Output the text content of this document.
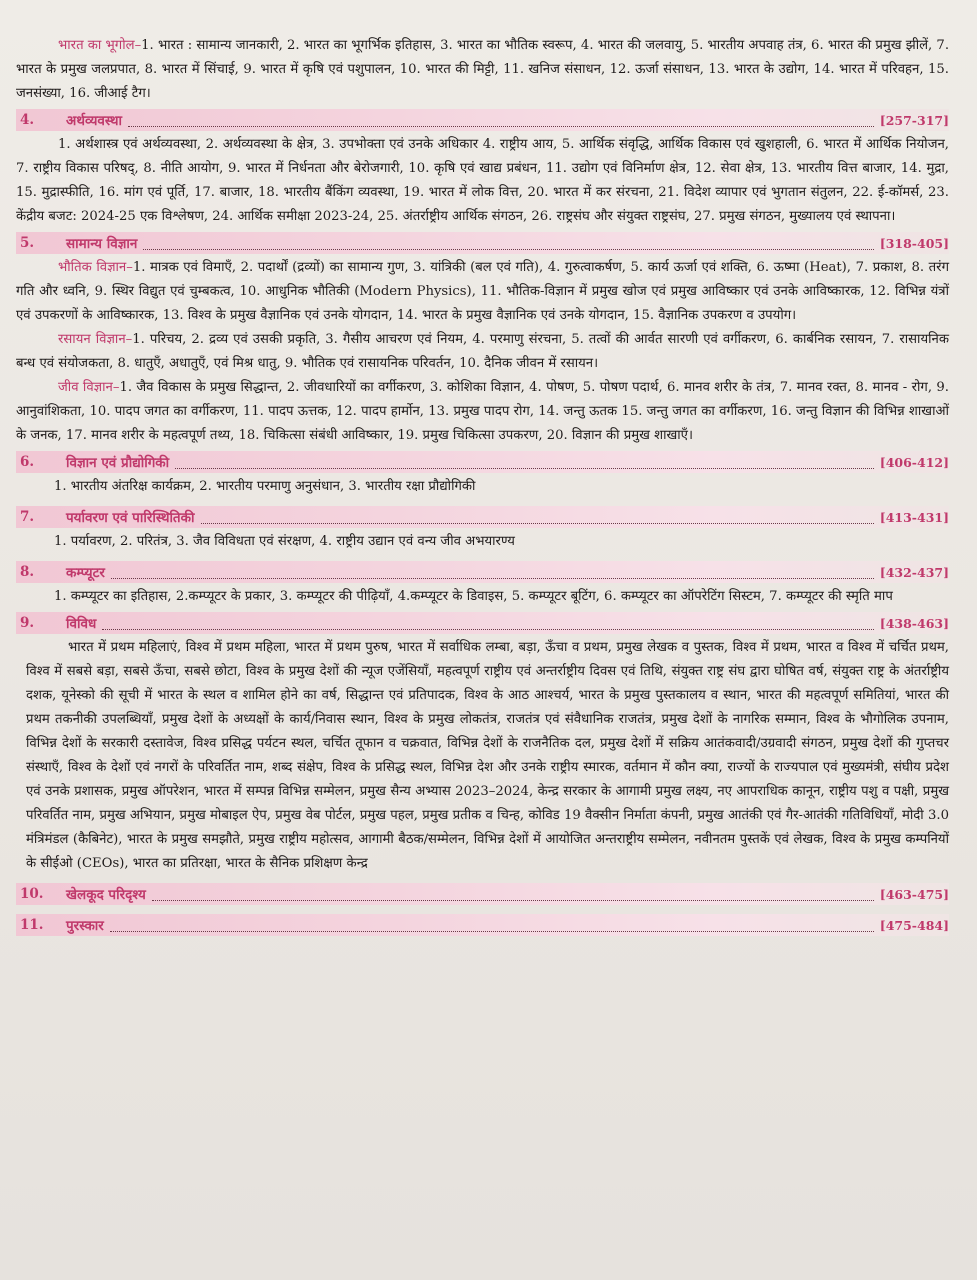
भारत का भूगोल–1. भारत : सामान्य जानकारी, 2. भारत का भूगर्भिक इतिहास, 3. भारत का भौतिक स्वरूप, 4. भारत की जलवायु, 5. भारतीय अपवाह तंत्र, 6. भारत की प्रमुख झीलें, 7. भारत के प्रमुख जलप्रपात, 8. भारत में सिंचाई, 9. भारत में कृषि एवं पशुपालन, 10. भारत की मिट्टी, 11. खनिज संसाधन, 12. ऊर्जा संसाधन, 13. भारत के उद्योग, 14. भारत में परिवहन, 15. जनसंख्या, 16. जीआई टैग।

4.	अर्थव्यवस्था	[257-317]

1. अर्थशास्त्र एवं अर्थव्यवस्था, 2. अर्थव्यवस्था के क्षेत्र, 3. उपभोक्ता एवं उनके अधिकार 4. राष्ट्रीय आय, 5. आर्थिक संवृद्धि, आर्थिक विकास एवं खुशहाली, 6. भारत में आर्थिक नियोजन, 7. राष्ट्रीय विकास परिषद्, 8. नीति आयोग, 9. भारत में निर्धनता और बेरोजगारी, 10. कृषि एवं खाद्य प्रबंधन, 11. उद्योग एवं विनिर्माण क्षेत्र, 12. सेवा क्षेत्र, 13. भारतीय वित्त बाजार, 14. मुद्रा, 15. मुद्रास्फीति, 16. मांग एवं पूर्ति, 17. बाजार, 18. भारतीय बैंकिंग व्यवस्था, 19. भारत में लोक वित्त, 20. भारत में कर संरचना, 21. विदेश व्यापार एवं भुगतान संतुलन, 22. ई-कॉमर्स, 23. केंद्रीय बजट: 2024-25 एक विश्लेषण, 24. आर्थिक समीक्षा 2023-24, 25. अंतर्राष्ट्रीय आर्थिक संगठन, 26. राष्ट्रसंघ और संयुक्त राष्ट्रसंघ, 27. प्रमुख संगठन, मुख्यालय एवं स्थापना।

5.	सामान्य विज्ञान	[318-405]

भौतिक विज्ञान–1. मात्रक एवं विमाएँ, 2. पदार्थों (द्रव्यों) का सामान्य गुण, 3. यांत्रिकी (बल एवं गति), 4. गुरुत्वाकर्षण, 5. कार्य ऊर्जा एवं शक्ति, 6. ऊष्मा (Heat), 7. प्रकाश, 8. तरंग गति और ध्वनि, 9. स्थिर विद्युत एवं चुम्बकत्व, 10. आधुनिक भौतिकी (Modern Physics), 11. भौतिक-विज्ञान में प्रमुख खोज एवं प्रमुख आविष्कार एवं उनके आविष्कारक, 12. विभिन्न यंत्रों एवं उपकरणों के आविष्कारक, 13. विश्व के प्रमुख वैज्ञानिक एवं उनके योगदान, 14. भारत के प्रमुख वैज्ञानिक एवं उनके योगदान, 15. वैज्ञानिक उपकरण व उपयोग।

रसायन विज्ञान–1. परिचय, 2. द्रव्य एवं उसकी प्रकृति, 3. गैसीय आचरण एवं नियम, 4. परमाणु संरचना, 5. तत्वों की आर्वत सारणी एवं वर्गीकरण, 6. कार्बनिक रसायन, 7. रासायनिक बन्ध एवं संयोजकता, 8. धातुएँ, अधातुएँ, एवं मिश्र धातु, 9. भौतिक एवं रासायनिक परिवर्तन, 10. दैनिक जीवन में रसायन।

जीव विज्ञान–1. जैव विकास के प्रमुख सिद्धान्त, 2. जीवधारियों का वर्गीकरण, 3. कोशिका विज्ञान, 4. पोषण, 5. पोषण पदार्थ, 6. मानव शरीर के तंत्र, 7. मानव रक्त, 8. मानव - रोग, 9. आनुवांशिकता, 10. पादप जगत का वर्गीकरण, 11. पादप ऊत्तक, 12. पादप हार्मोन, 13. प्रमुख पादप रोग, 14. जन्तु ऊतक 15. जन्तु जगत का वर्गीकरण, 16. जन्तु विज्ञान की विभिन्न शाखाओं के जनक, 17. मानव शरीर के महत्वपूर्ण तथ्य, 18. चिकित्सा संबंधी आविष्कार, 19. प्रमुख चिकित्सा उपकरण, 20. विज्ञान की प्रमुख शाखाएँ।

6.	विज्ञान एवं प्रौद्योगिकी	[406-412]

1. भारतीय अंतरिक्ष कार्यक्रम, 2. भारतीय परमाणु अनुसंधान, 3. भारतीय रक्षा प्रौद्योगिकी

7.	पर्यावरण एवं पारिस्थितिकी	[413-431]

1. पर्यावरण, 2. परितंत्र, 3. जैव विविधता एवं संरक्षण, 4. राष्ट्रीय उद्यान एवं वन्य जीव अभयारण्य

8.	कम्प्यूटर	[432-437]

1. कम्प्यूटर का इतिहास, 2.कम्प्यूटर के प्रकार, 3. कम्प्यूटर की पीढ़ियाँ, 4.कम्प्यूटर के डिवाइस, 5. कम्प्यूटर बूटिंग, 6. कम्प्यूटर का ऑपरेटिंग सिस्टम, 7. कम्प्यूटर की स्मृति माप

9.	विविध	[438-463]

भारत में प्रथम महिलाएं, विश्व में प्रथम महिला, भारत में प्रथम पुरुष, भारत में सर्वाधिक लम्बा, बड़ा, ऊँचा व प्रथम, प्रमुख लेखक व पुस्तक, विश्व में प्रथम, भारत व विश्व में चर्चित प्रथम, विश्व में सबसे बड़ा, सबसे ऊँचा, सबसे छोटा, विश्व के प्रमुख देशों की न्यूज एजेंसियाँ, महत्वपूर्ण राष्ट्रीय एवं अन्तर्राष्ट्रीय दिवस एवं तिथि, संयुक्त राष्ट्र संघ द्वारा घोषित वर्ष, संयुक्त राष्ट्र के अंतर्राष्ट्रीय दशक, यूनेस्को की सूची में भारत के स्थल व शामिल होने का वर्ष, सिद्धान्त एवं प्रतिपादक, विश्व के आठ आश्चर्य, भारत के प्रमुख पुस्तकालय व स्थान, भारत की महत्वपूर्ण समितियां, भारत की प्रथम तकनीकी उपलब्धियाँ, प्रमुख देशों के अध्यक्षों के कार्य/निवास स्थान, विश्व के प्रमुख लोकतंत्र, राजतंत्र एवं संवैधानिक राजतंत्र, प्रमुख देशों के नागरिक सम्मान, विश्व के भौगोलिक उपनाम, विभिन्न देशों के सरकारी दस्तावेज, विश्व प्रसिद्ध पर्यटन स्थल, चर्चित तूफान व चक्रवात, विभिन्न देशों के राजनैतिक दल, प्रमुख देशों में सक्रिय आतंकवादी/उग्रवादी संगठन, प्रमुख देशों की गुप्तचर संस्थाएँ, विश्व के देशों एवं नगरों के परिवर्तित नाम, शब्द संक्षेप, विश्व के प्रसिद्ध स्थल, विभिन्न देश और उनके राष्ट्रीय स्मारक, वर्तमान में कौन क्या, राज्यों के राज्यपाल एवं मुख्यमंत्री, संघीय प्रदेश एवं उनके प्रशासक, प्रमुख ऑपरेशन, भारत में सम्पन्न विभिन्न सम्मेलन, प्रमुख सैन्य अभ्यास 2023–2024, केन्द्र सरकार के आगामी प्रमुख लक्ष्य, नए आपराधिक कानून, राष्ट्रीय पशु व पक्षी, प्रमुख परिवर्तित नाम, प्रमुख अभियान, प्रमुख मोबाइल ऐप, प्रमुख वेब पोर्टल, प्रमुख पहल, प्रमुख प्रतीक व चिन्ह, कोविड 19 वैक्सीन निर्माता कंपनी, प्रमुख आतंकी एवं गैर-आतंकी गतिविधियाँ, मोदी 3.0 मंत्रिमंडल (कैबिनेट), भारत के प्रमुख समझौते, प्रमुख राष्ट्रीय महोत्सव, आगामी बैठक/सम्मेलन, विभिन्न देशों में आयोजित अन्तराष्ट्रीय सम्मेलन, नवीनतम पुस्तकें एवं लेखक, विश्व के प्रमुख कम्पनियों के सीईओ (CEOs), भारत का प्रतिरक्षा, भारत के सैनिक प्रशिक्षण केन्द्र

10.	खेलकूद परिदृश्य	[463-475]
11.	पुरस्कार	[475-484]
